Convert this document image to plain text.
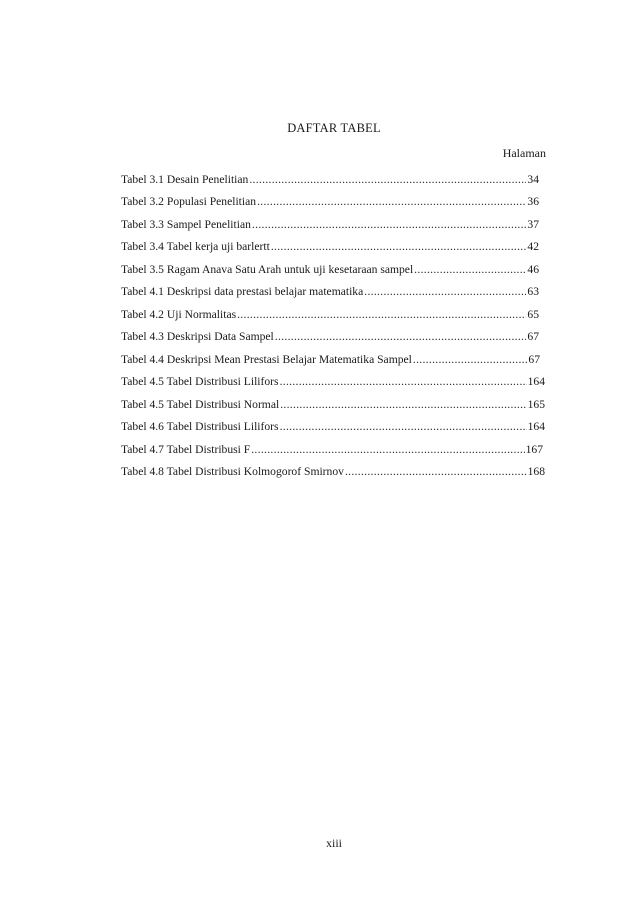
DAFTAR TABEL
Halaman
Tabel 3.1 Desain Penelitian .....	34
Tabel 3.2 Populasi Penelitian .....	36
Tabel 3.3 Sampel Penelitian .....	37
Tabel 3.4 Tabel kerja uji barlertt .....	42
Tabel 3.5 Ragam Anava Satu Arah untuk uji kesetaraan sampel .....	46
Tabel 4.1 Deskripsi data prestasi belajar matematika .....	63
Tabel 4.2 Uji Normalitas .....	65
Tabel 4.3 Deskripsi Data Sampel .....	67
Tabel 4.4 Deskripsi Mean Prestasi Belajar Matematika Sampel .....	67
Tabel 4.5 Tabel Distribusi Lilifors .....	164
Tabel 4.5 Tabel Distribusi Normal .....	165
Tabel 4.6 Tabel Distribusi Lilifors .....	164
Tabel 4.7 Tabel Distribusi F .....	167
Tabel 4.8 Tabel Distribusi Kolmogorof Smirnov .....	168
xiii
